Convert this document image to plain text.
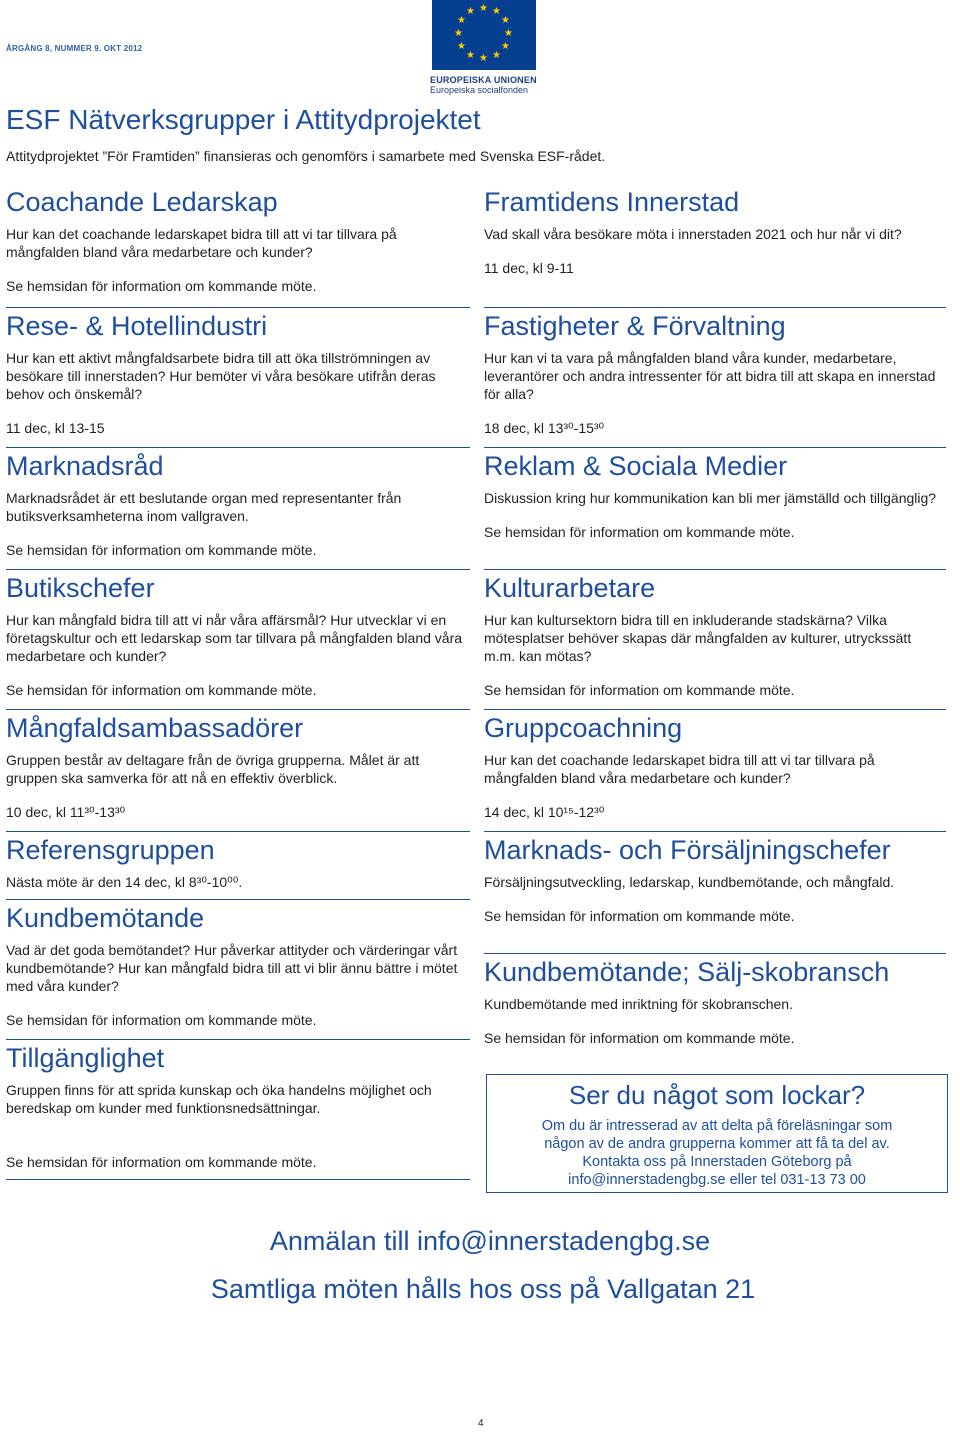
ÅRGÅNG 8, NUMMER 9. OKT 2012
★ ★
★
★
★
★
★
★
★
★
★
★
EUROPEISKA UNIONEN
Europeiska socialfonden
ESF Nätverksgrupper i Attitydprojektet
Attitydprojektet ”För Framtiden” finansieras och genomförs i samarbete med Svenska ESF-rådet.
Coachande Ledarskap
Hur kan det coachande ledarskapet bidra till att vi tar tillvara på mångfalden bland våra medarbetare och kunder?
Se hemsidan för information om kommande möte.
Rese- & Hotellindustri
Hur kan ett aktivt mångfaldsarbete bidra till att öka tillströmningen av besökare till innerstaden? Hur bemöter vi våra besökare utifrån deras behov och önskemål?
11 dec, kl 13-15
Marknadsråd
Marknadsrådet är ett beslutande organ med representanter från butiksverksamheterna inom vallgraven.
Se hemsidan för information om kommande möte.
Butikschefer
Hur kan mångfald bidra till att vi når våra affärsmål? Hur utvecklar vi en företagskultur och ett ledarskap som tar tillvara på mångfalden bland våra medarbetare och kunder?
Se hemsidan för information om kommande möte.
Mångfaldsambassadörer
Gruppen består av deltagare från de övriga grupperna. Målet är att gruppen ska samverka för att nå en effektiv överblick.
10 dec, kl 11³⁰-13³⁰
Referensgruppen
Nästa möte är den 14 dec, kl 8³⁰-10⁰⁰.
Kundbemötande
Vad är det goda bemötandet? Hur påverkar attityder och värderingar vårt kundbemötande? Hur kan mångfald bidra till att vi blir ännu bättre i mötet med våra kunder?
Se hemsidan för information om kommande möte.
Tillgänglighet
Gruppen finns för att sprida kunskap och öka handelns möjlighet och beredskap om kunder med funktionsnedsättningar.
Se hemsidan för information om kommande möte.
Framtidens Innerstad
Vad skall våra besökare möta i innerstaden 2021 och hur når vi dit?
11 dec, kl 9-11
Fastigheter & Förvaltning
Hur kan vi ta vara på mångfalden bland våra kunder, medarbetare, leverantörer och andra intressenter för att bidra till att skapa en innerstad för alla?
18 dec, kl 13³⁰-15³⁰
Reklam & Sociala Medier
Diskussion kring hur kommunikation kan bli mer jämställd och tillgänglig?
Se hemsidan för information om kommande möte.
Kulturarbetare
Hur kan kultursektorn bidra till en inkluderande stadskärna? Vilka mötesplatser behöver skapas där mångfalden av kulturer, utryckssätt m.m. kan mötas?
Se hemsidan för information om kommande möte.
Gruppcoachning
Hur kan det coachande ledarskapet bidra till att vi tar tillvara på mångfalden bland våra medarbetare och kunder?
14 dec, kl 10¹⁵-12³⁰
Marknads- och Försäljningschefer
Försäljningsutveckling, ledarskap, kundbemötande, och mångfald.
Se hemsidan för information om kommande möte.
Kundbemötande; Sälj-skobransch
Kundbemötande med inriktning för skobranschen.
Se hemsidan för information om kommande möte.
Ser du något som lockar?
Om du är intresserad av att delta på föreläsningar som
någon av de andra grupperna kommer att få ta del av.
Kontakta oss på Innerstaden Göteborg på
info@innerstadengbg.se eller tel 031-13 73 00
Anmälan till info@innerstadengbg.se
Samtliga möten hålls hos oss på Vallgatan 21
4
